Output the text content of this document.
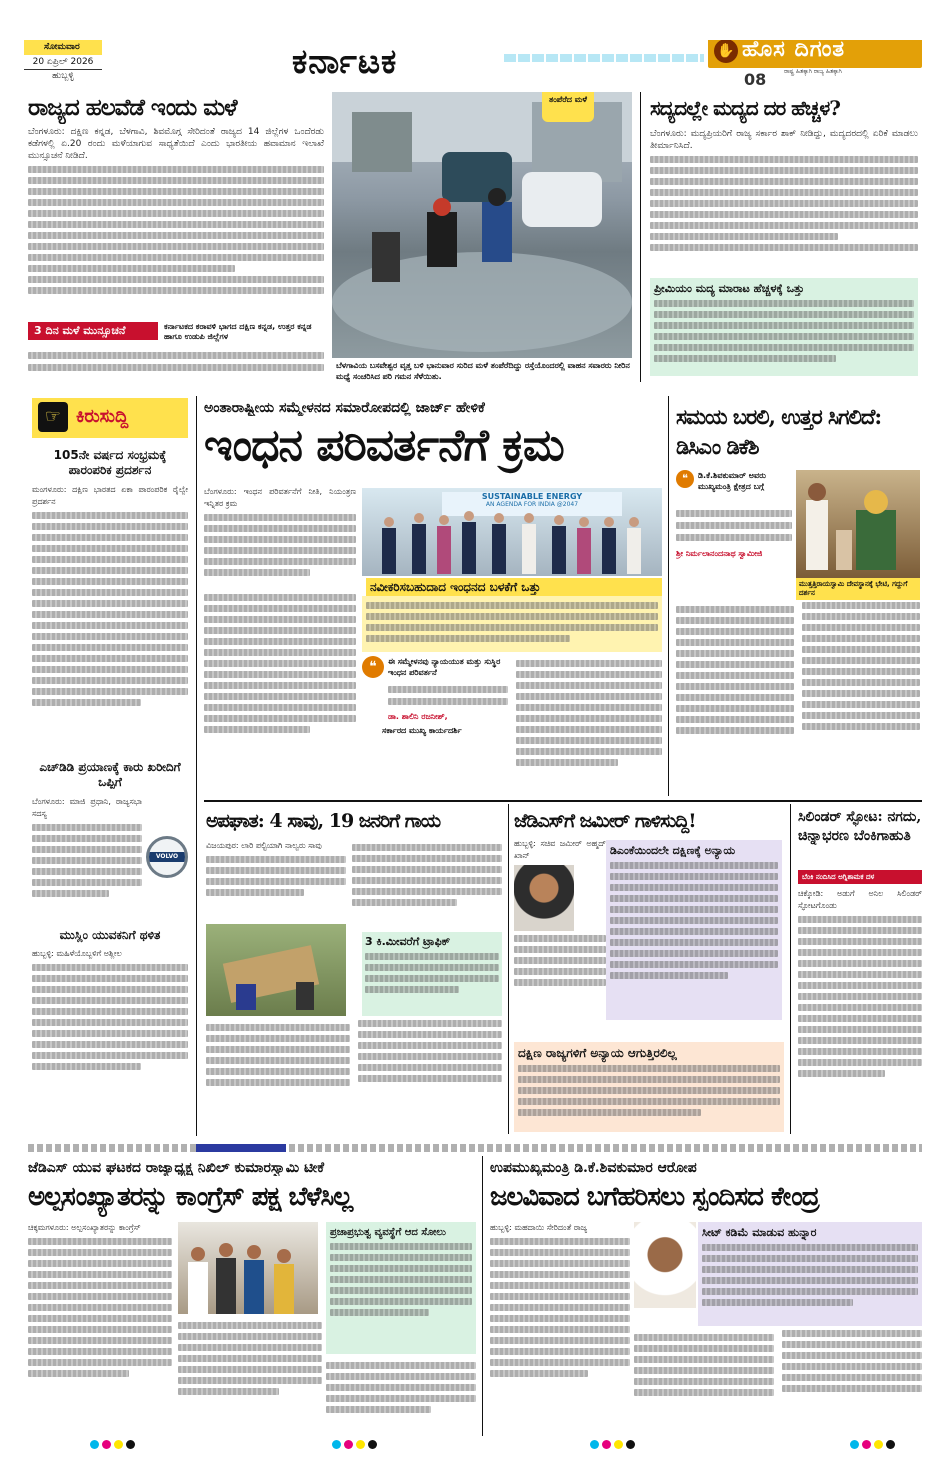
ಸೋಮವಾರ
20 ಏಪ್ರಿಲ್ 2026
ಹುಬ್ಬಳ್ಳಿ	ಕರ್ನಾಟಕ	✋ ಹೊಸ ದಿಗಂತ
ರಾಷ್ಟ್ರ ಹಿತಕ್ಕಾಗಿ ರಾಜ್ಯ ಹಿತಕ್ಕಾಗಿ
08
ರಾಜ್ಯದ ಹಲವೆಡೆ ಇಂದು ಮಳೆ

ಬೆಂಗಳೂರು: ದಕ್ಷಿಣ ಕನ್ನಡ, ಬೆಳಗಾವಿ, ಶಿವಮೊಗ್ಗ ಸೇರಿದಂತೆ ರಾಜ್ಯದ 14 ಜಿಲ್ಲೆಗಳ ಒಂದೆರಡು ಕಡೆಗಳಲ್ಲಿ ಏ.20 ರಂದು ಮಳೆಯಾಗುವ ಸಾಧ್ಯತೆಯಿದೆ ಎಂದು ಭಾರತೀಯ ಹವಾಮಾನ ಇಲಾಖೆ ಮುನ್ಸೂಚನೆ ನೀಡಿದೆ.

3 ದಿನ ಮಳೆ ಮುನ್ಸೂಚನೆ	ಕರ್ನಾಟಕದ ಕರಾವಳಿ ಭಾಗದ ದಕ್ಷಿಣ ಕನ್ನಡ, ಉತ್ತರ ಕನ್ನಡ ಹಾಗೂ ಉಡುಪಿ ಜಿಲ್ಲೆಗಳ
ತಂಪೆರೆದ ಮಳೆ
ಬೆಳಗಾವಿಯ ಬಸವೇಶ್ವರ ವೃತ್ತ ಬಳಿ ಭಾನುವಾರ ಸುರಿದ ಮಳೆ ತಂಪೆರೆದಿದ್ದು ರಸ್ತೆಯೊಂದರಲ್ಲಿ ವಾಹನ ಸವಾರರು ನೀರಿನ ಮಧ್ಯೆ ಸಂಚರಿಸಿದ ಪರಿ ಗಮನ ಸೆಳೆಯಿತು.
ಸದ್ಯದಲ್ಲೇ ಮದ್ಯದ ದರ ಹೆಚ್ಚಳ?

ಬೆಂಗಳೂರು: ಮದ್ಯಪ್ರಿಯರಿಗೆ ರಾಜ್ಯ ಸರ್ಕಾರ ಶಾಕ್ ನೀಡಿದ್ದು, ಮದ್ಯದರದಲ್ಲಿ ಏರಿಕೆ ಮಾಡಲು ತೀರ್ಮಾನಿಸಿದೆ.

ಪ್ರೀಮಿಯಂ ಮದ್ಯ ಮಾರಾಟ ಹೆಚ್ಚಳಕ್ಕೆ ಒತ್ತು
☞ ಕಿರುಸುದ್ದಿ
105ನೇ ವರ್ಷದ ಸಂಭ್ರಮಕ್ಕೆ ಪಾರಂಪರಿಕ ಪ್ರದರ್ಶನ

ಮಂಗಳೂರು: ದಕ್ಷಿಣ ಭಾರತದ ಏಕಾ ಪಾರಂಪರಿಕ ರೈಲ್ವೇ ಪ್ರದರ್ಶನ

ಎಚ್‌ಡಿಡಿ ಪ್ರಯಾಣಕ್ಕೆ ಕಾರು ಖರೀದಿಗೆ ಒಪ್ಪಿಗೆ

ಬೆಂಗಳೂರು: ಮಾಜಿ ಪ್ರಧಾನಿ, ರಾಜ್ಯಸಭಾ ಸದಸ್ಯ

VOLVO
ಮುಸ್ಲಿಂ ಯುವಕನಿಗೆ ಥಳಿತ

ಹುಬ್ಬಳ್ಳಿ: ಮಹಿಳೆಯೊಬ್ಬಳಿಗೆ ಅಶ್ಲೀಲ

ಅಂತಾರಾಷ್ಟ್ರೀಯ ಸಮ್ಮೇಳನದ ಸಮಾರೋಪದಲ್ಲಿ ಜಾರ್ಜ್ ಹೇಳಿಕೆ
ಇಂಧನ ಪರಿವರ್ತನೆಗೆ ಕ್ರಮ

ಬೆಂಗಳೂರು: ಇಂಧನ ಪರಿವರ್ತನೆಗೆ ನೀತಿ, ನಿಯಂತ್ರಣ ಇನ್ನಿತರ ಕ್ರಮ

SUSTAINABLE ENERGY
AN AGENDA FOR INDIA @2047
ನವೀಕರಿಸಬಹುದಾದ ಇಂಧನದ ಬಳಕೆಗೆ ಒತ್ತು
❝	ಈ ಸಮ್ಮೇಳನವು ನ್ಯಾಯಯುತ ಮತ್ತು ಸುಸ್ಥಿರ ಇಂಧನ ಪರಿವರ್ತನೆ
ಡಾ. ಶಾಲಿನಿ ರಜನೀಶ್,
ಸರ್ಕಾರದ ಮುಖ್ಯ ಕಾರ್ಯದರ್ಶಿ
ಸಮಯ ಬರಲಿ, ಉತ್ತರ ಸಿಗಲಿದೆ: ಡಿಸಿಎಂ ಡಿಕೆಶಿ
❝	ಡಿ.ಕೆ.ಶಿವಕುಮಾರ್ ಅವರು ಮುಖ್ಯಮಂತ್ರಿ ಕ್ಷೇತ್ರದ ಬಗ್ಗೆ
ಶ್ರೀ ನಿರ್ಮಲಾನಂದನಾಥ ಸ್ವಾಮೀಜಿ
ಮುತ್ತತ್ತಿರಾಯಸ್ವಾಮಿ ದೇವಸ್ಥಾನಕ್ಕೆ ಭೇಟಿ, ಗದ್ದುಗೆ ದರ್ಶನ
ಅಪಘಾತ: 4 ಸಾವು, 19 ಜನರಿಗೆ ಗಾಯ

ವಿಜಯಪುರ: ಲಾರಿ ಪಲ್ಟಿಯಾಗಿ ನಾಲ್ವರು ಸಾವು

3 ಕಿ.ಮೀವರೆಗೆ ಟ್ರಾಫಿಕ್
ಜೆಡಿಎಸ್‌ಗೆ ಜಮೀರ್ ಗಾಳಿಸುದ್ದಿ!

ಹುಬ್ಬಳ್ಳಿ: ಸಚಿವ ಜಮೀರ್ ಅಹ್ಮದ್ ಖಾನ್	ಡಿಎಂಕೆಯಿಂದಲೇ ದಕ್ಷಿಣಕ್ಕೆ ಅನ್ಯಾಯ
ದಕ್ಷಿಣ ರಾಜ್ಯಗಳಿಗೆ ಅನ್ಯಾಯ ಆಗುತ್ತಿರಲಿಲ್ಲ
ಸಿಲಿಂಡರ್ ಸ್ಫೋಟ: ನಗದು, ಚಿನ್ನಾಭರಣ ಬೆಂಕಿಗಾಹುತಿ
ಬೆಂಕಿ ನಂದಿಸಿದ ಅಗ್ನಿಶಾಮಕ ದಳ

ಚಿಕ್ಕೋಡಿ: ಅಡುಗೆ ಅನಿಲ ಸಿಲಿಂಡರ್ ಸ್ಫೋಟಗೊಂಡು

ಜೆಡಿಎಸ್ ಯುವ ಘಟಕದ ರಾಜ್ಯಾಧ್ಯಕ್ಷ ನಿಖಿಲ್ ಕುಮಾರಸ್ವಾಮಿ ಟೀಕೆ
ಅಲ್ಪಸಂಖ್ಯಾತರನ್ನು ಕಾಂಗ್ರೆಸ್ ಪಕ್ಷ ಬೆಳೆಸಿಲ್ಲ

ಚಿಕ್ಕಮಗಳೂರು: ಅಲ್ಪಸಂಖ್ಯಾತರನ್ನು ಕಾಂಗ್ರೆಸ್	ಪ್ರಜಾಪ್ರಭುತ್ವ ವ್ಯವಸ್ಥೆಗೆ ಆದ ಸೋಲು
ಉಪಮುಖ್ಯಮಂತ್ರಿ ಡಿ.ಕೆ.ಶಿವಕುಮಾರ ಆರೋಪ
ಜಲವಿವಾದ ಬಗೆಹರಿಸಲು ಸ್ಪಂದಿಸದ ಕೇಂದ್ರ

ಹುಬ್ಬಳ್ಳಿ: ಮಹದಾಯಿ ಸೇರಿದಂತೆ ರಾಜ್ಯ	ಸೀಟ್ ಕಡಿಮೆ ಮಾಡುವ ಹುನ್ನಾರ
